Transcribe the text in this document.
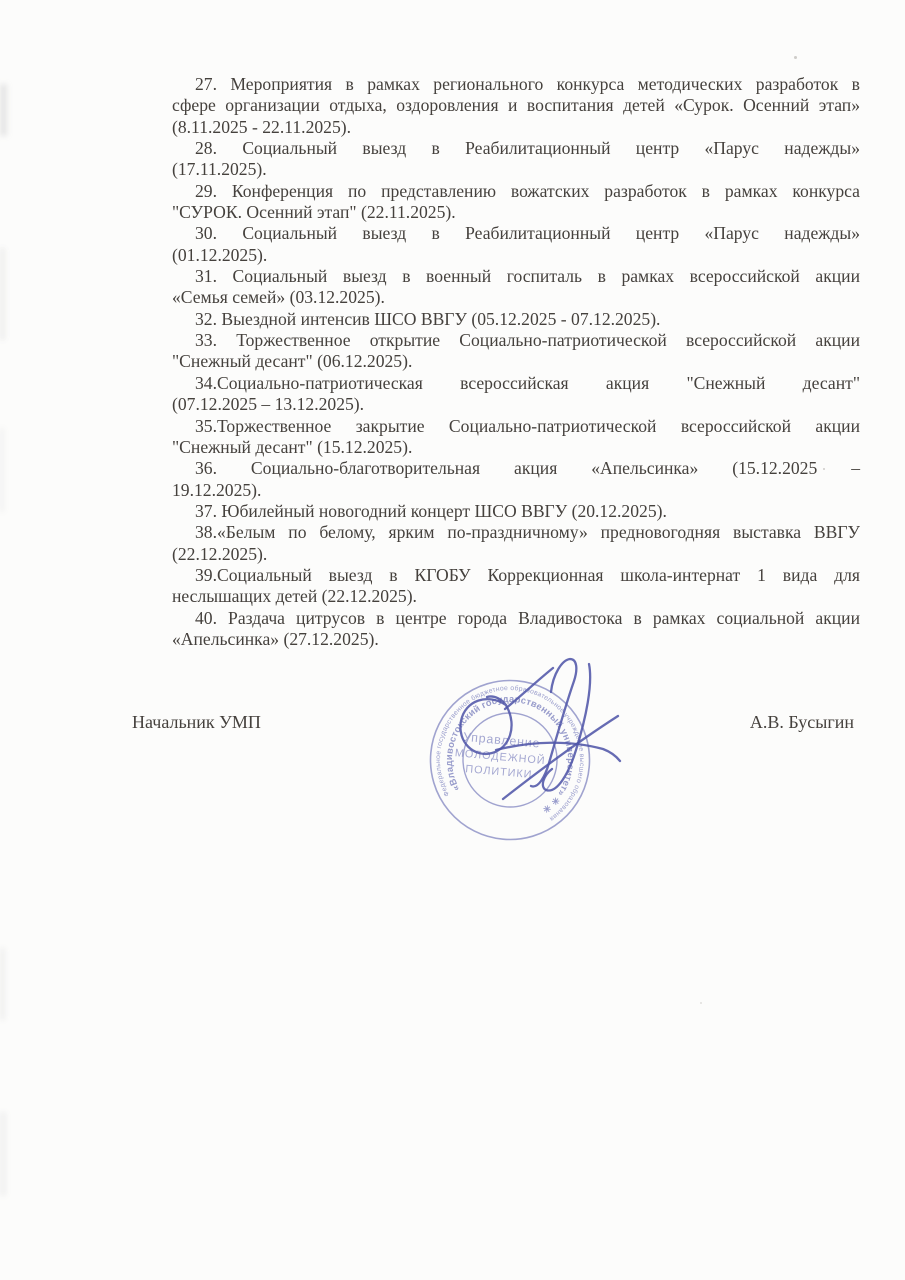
27. Мероприятия в рамках регионального конкурса методических разработок в
сфере организации отдыха, оздоровления и воспитания детей «Сурок. Осенний этап»
(8.11.2025 - 22.11.2025).

28. Социальный выезд в Реабилитационный центр «Парус надежды»
(17.11.2025).

29. Конференция по представлению вожатских разработок в рамках конкурса
"СУРОК. Осенний этап" (22.11.2025).

30. Социальный выезд в Реабилитационный центр «Парус надежды»
(01.12.2025).

31. Социальный выезд в военный госпиталь в рамках всероссийской акции
«Семья семей» (03.12.2025).

32. Выездной интенсив ШСО ВВГУ (05.12.2025 - 07.12.2025).

33. Торжественное открытие Социально-патриотической всероссийской акции
"Снежный десант" (06.12.2025).

34.Социально-патриотическая всероссийская акция "Снежный десант"
(07.12.2025 – 13.12.2025).

35.Торжественное закрытие Социально-патриотической всероссийской акции
"Снежный десант" (15.12.2025).

36. Социально-благотворительная акция «Апельсинка» (15.12.2025 –
19.12.2025).

37. Юбилейный новогодний концерт ШСО ВВГУ (20.12.2025).

38.«Белым по белому, ярким по-праздничному» предновогодняя выставка ВВГУ
(22.12.2025).

39.Социальный выезд в КГОБУ Коррекционная школа-интернат 1 вида для
неслышащих детей (22.12.2025).

40. Раздача цитрусов в центре города Владивостока в рамках социальной акции
«Апельсинка» (27.12.2025).

Начальник УМП	А.В. Бусыгин
Федеральное государственное бюджетное образовательное учреждение высшего образования
«Владивостокский государственный университет» ✳ ✳
Управление
МОЛОДЕЖНОЙ
ПОЛИТИКИ
